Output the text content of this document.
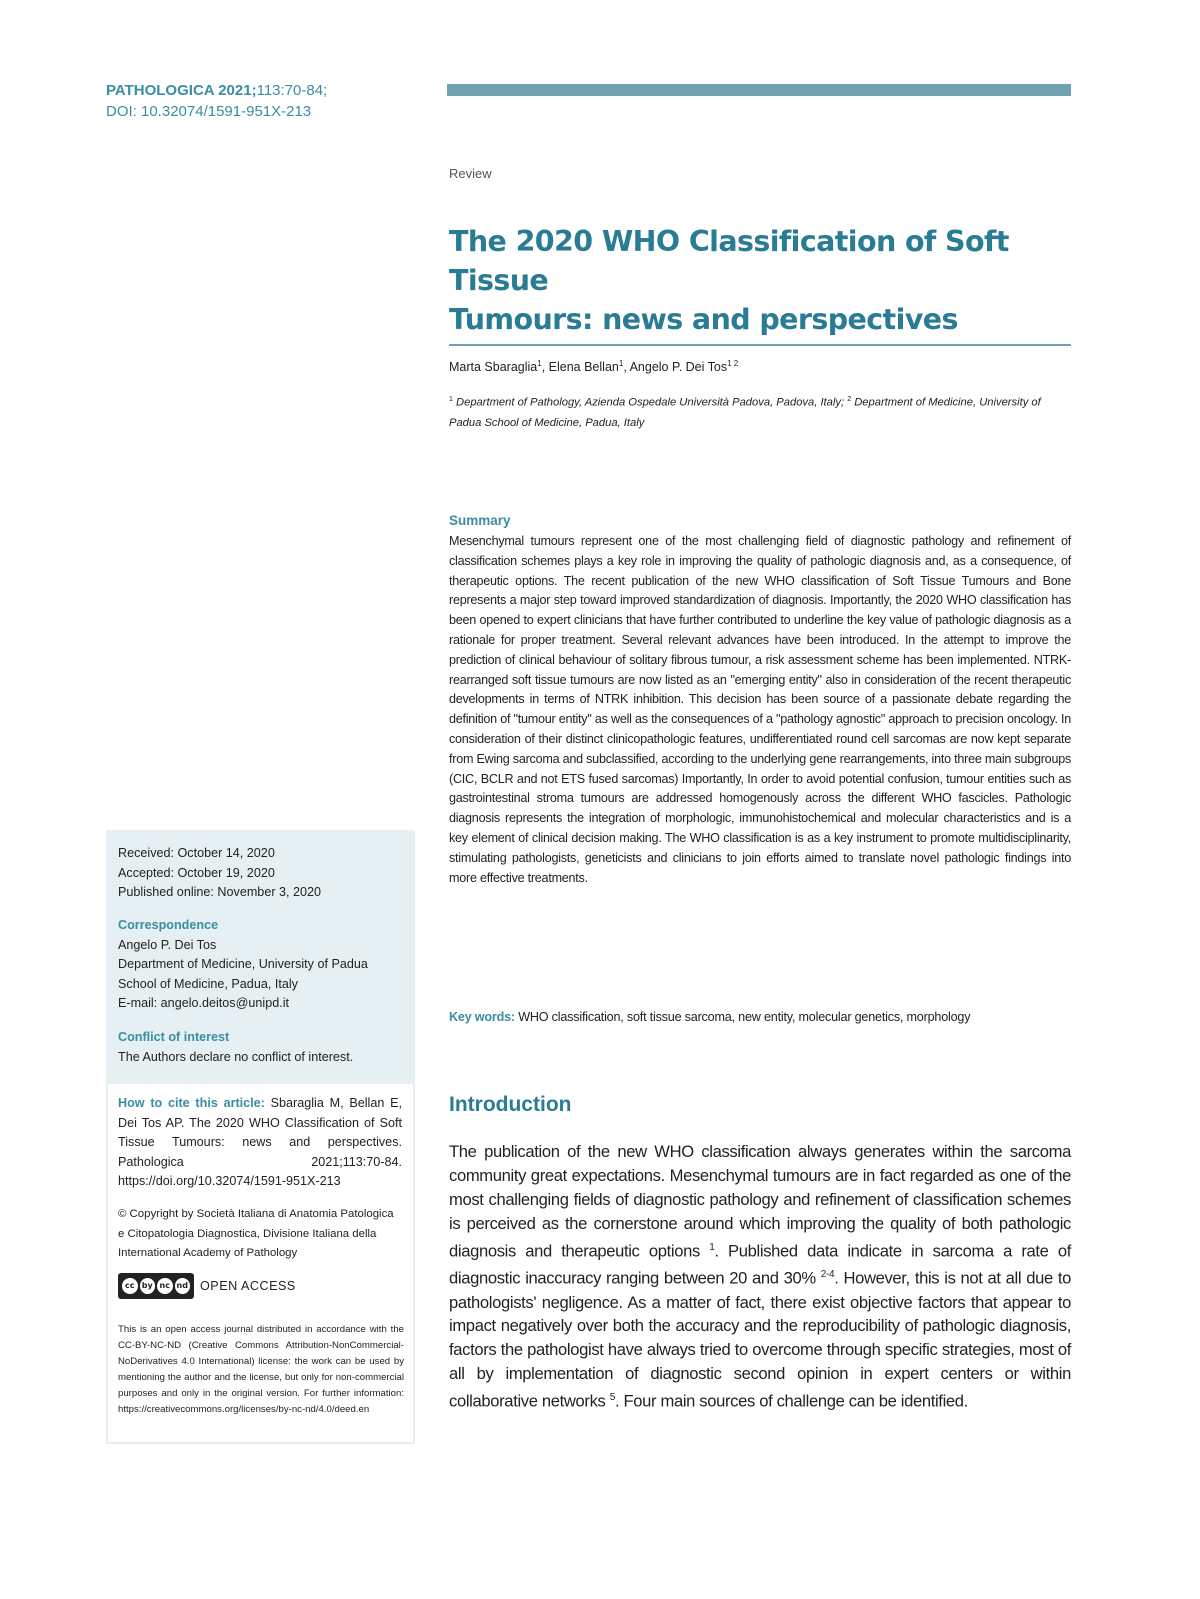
PATHOLOGICA 2021;113:70-84;
DOI: 10.32074/1591-951X-213
Review
The 2020 WHO Classification of Soft Tissue
Tumours: news and perspectives
Marta Sbaraglia$^1$, Elena Bellan$^1$, Angelo P. Dei Tos$^{1 2}$
$^1$ Department of Pathology, Azienda Ospedale Università Padova, Padova, Italy; $^2$ Department of Medicine, University of Padua School of Medicine, Padua, Italy
Summary

Mesenchymal tumours represent one of the most challenging field of diagnostic pathology and refinement of classification schemes plays a key role in improving the quality of pathologic diagnosis and, as a consequence, of therapeutic options. The recent publication of the new WHO classification of Soft Tissue Tumours and Bone represents a major step toward improved standardization of diagnosis. Importantly, the 2020 WHO classification has been opened to expert clinicians that have further contributed to underline the key value of pathologic diagnosis as a rationale for proper treatment. Several relevant advances have been introduced. In the attempt to improve the prediction of clinical behaviour of solitary fibrous tumour, a risk assessment scheme has been implemented. NTRK-rearranged soft tissue tumours are now listed as an "emerging entity" also in consideration of the recent therapeutic developments in terms of NTRK inhibition. This decision has been source of a passionate debate regarding the definition of "tumour entity" as well as the consequences of a "pathology agnostic" approach to precision oncology. In consideration of their distinct clinicopathologic features, undifferentiated round cell sarcomas are now kept separate from Ewing sarcoma and subclassified, according to the underlying gene rearrangements, into three main subgroups (CIC, BCLR and not ETS fused sarcomas) Importantly, In order to avoid potential confusion, tumour entities such as gastrointestinal stroma tumours are addressed homogenously across the different WHO fascicles. Pathologic diagnosis represents the integration of morphologic, immunohistochemical and molecular characteristics and is a key element of clinical decision making. The WHO classification is as a key instrument to promote multidisciplinarity, stimulating pathologists, geneticists and clinicians to join efforts aimed to translate novel pathologic findings into more effective treatments.

Key words: WHO classification, soft tissue sarcoma, new entity, molecular genetics, morphology
Introduction

The publication of the new WHO classification always generates within the sarcoma community great expectations. Mesenchymal tumours are in fact regarded as one of the most challenging fields of diagnostic pathology and refinement of classification schemes is perceived as the cornerstone around which improving the quality of both pathologic diagnosis and therapeutic options $^1$. Published data indicate in sarcoma a rate of diagnostic inaccuracy ranging between 20 and 30% $^{2-4}$. However, this is not at all due to pathologists' negligence. As a matter of fact, there exist objective factors that appear to impact negatively over both the accuracy and the reproducibility of pathologic diagnosis, factors the pathologist have always tried to overcome through specific strategies, most of all by implementation of diagnostic second opinion in expert centers or within collaborative networks $^5$. Four main sources of challenge can be identified.

Received: October 14, 2020
Accepted: October 19, 2020
Published online: November 3, 2020
Correspondence
Angelo P. Dei Tos
Department of Medicine, University of Padua
School of Medicine, Padua, Italy
E-mail: angelo.deitos@unipd.it
Conflict of interest
The Authors declare no conflict of interest.
How to cite this article: Sbaraglia M, Bellan E, Dei Tos AP. The 2020 WHO Classification of Soft Tissue Tumours: news and perspectives. Pathologica 2021;113:70-84. https://doi.org/10.32074/1591-951X-213
© Copyright by Società Italiana di Anatomia Patologica e Citopatologia Diagnostica, Divisione Italiana della International Academy of Pathology
cc by nc nd OPEN ACCESS
This is an open access journal distributed in accordance with the CC-BY-NC-ND (Creative Commons Attribution-NonCommercial-NoDerivatives 4.0 International) license: the work can be used by mentioning the author and the license, but only for non-commercial purposes and only in the original version. For further information: https://creativecommons.org/licenses/by-nc-nd/4.0/deed.en
